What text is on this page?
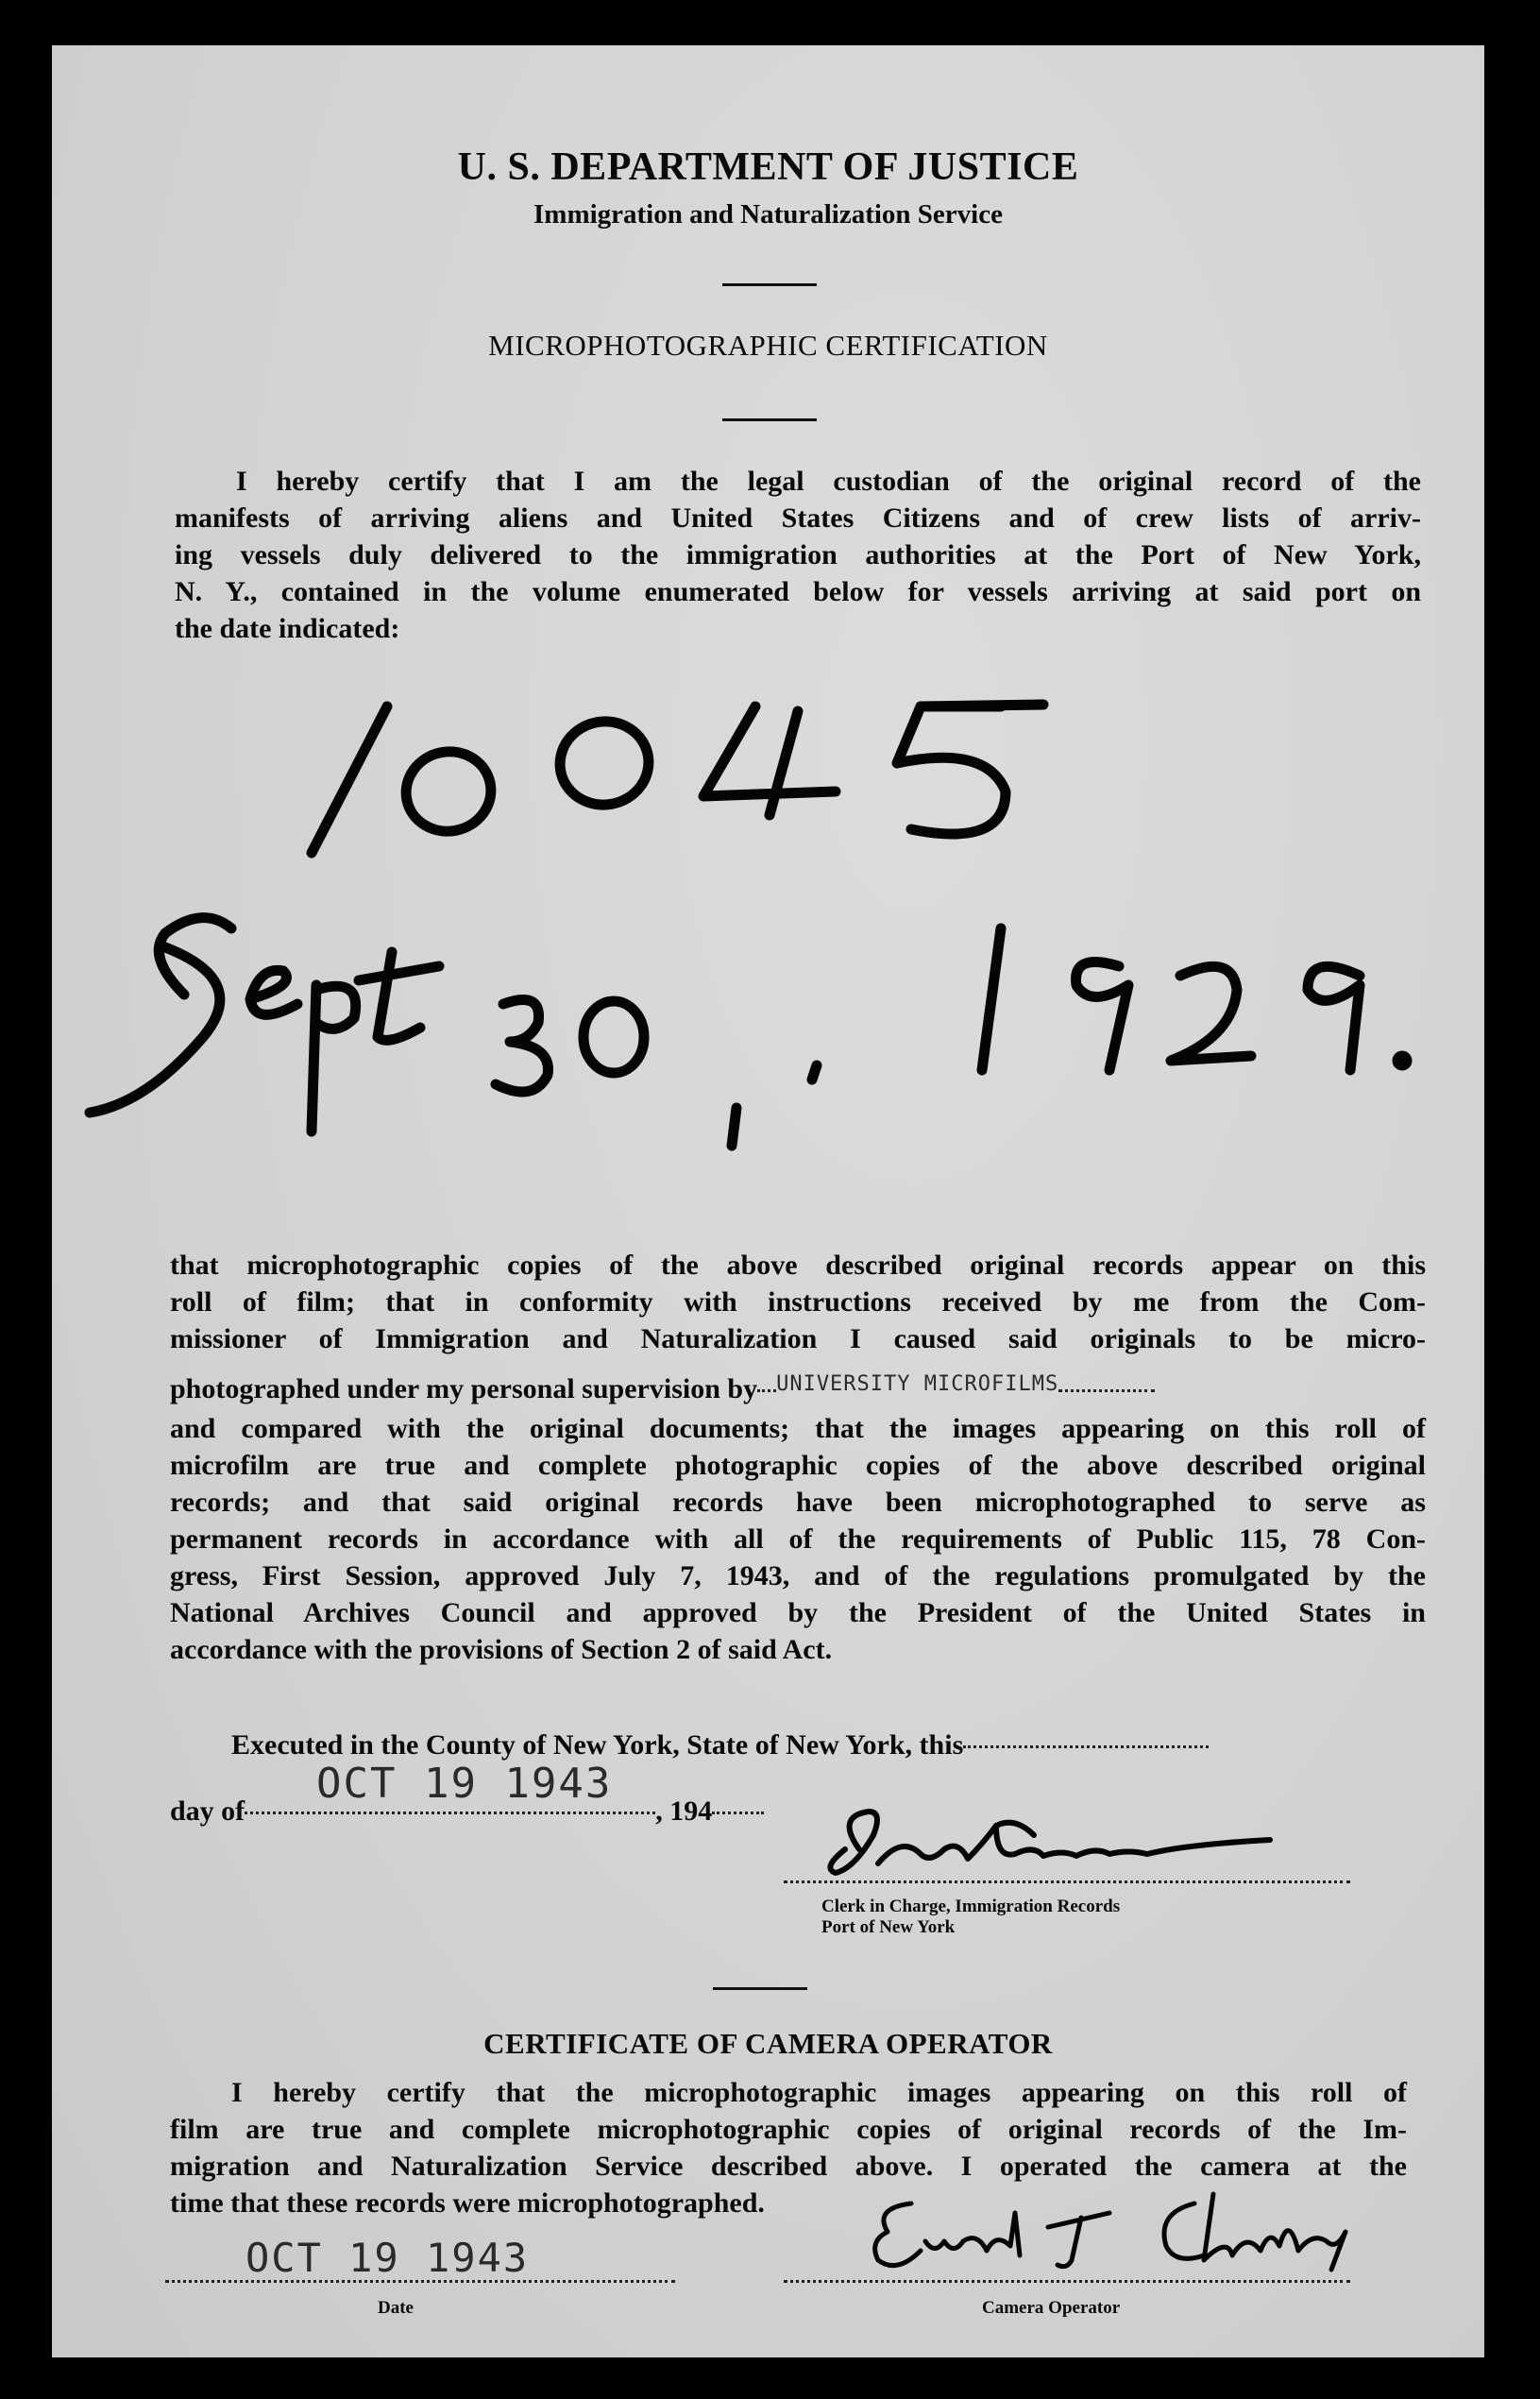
U. S. DEPARTMENT OF JUSTICE
Immigration and Naturalization Service
MICROPHOTOGRAPHIC CERTIFICATION
I hereby certify that I am the legal custodian of the original record of the
manifests of arriving aliens and United States Citizens and of crew lists of arriv-
ing vessels duly delivered to the immigration authorities at the Port of New York,
N. Y., contained in the volume enumerated below for vessels arriving at said port on
the date indicated:
that microphotographic copies of the above described original records appear on this
roll of film; that in conformity with instructions received by me from the Com-
missioner of Immigration and Naturalization I caused said originals to be micro-
photographed under my personal supervision by $^{UNIVERSITY MICROFILMS}$
and compared with the original documents; that the images appearing on this roll of
microfilm are true and complete photographic copies of the above described original
records; and that said original records have been microphotographed to serve as
permanent records in accordance with all of the requirements of Public 115, 78 Con-
gress, First Session, approved July 7, 1943, and of the regulations promulgated by the
National Archives Council and approved by the President of the United States in
accordance with the provisions of Section 2 of said Act.
Executed in the County of New York, State of New York, this
OCT 19 1943
day of	, 194
Clerk in Charge, Immigration Records
Port of New York
CERTIFICATE OF CAMERA OPERATOR
I hereby certify that the microphotographic images appearing on this roll of
film are true and complete microphotographic copies of original records of the Im-
migration and Naturalization Service described above. I operated the camera at the
time that these records were microphotographed.
OCT 19 1943
Date	Camera Operator
